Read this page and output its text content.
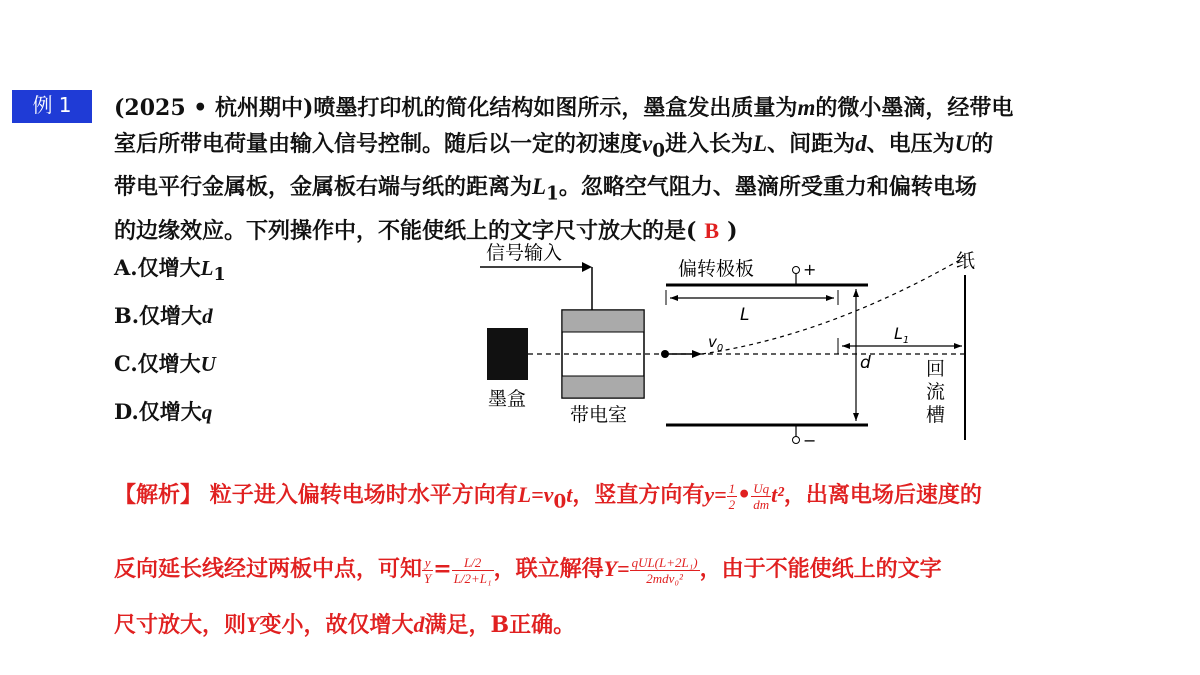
例 1	(2025 • 杭州期中)喷墨打印机的简化结构如图所示，墨盒发出质量为m的微小墨滴，经带电
室后所带电荷量由输入信号控制。随后以一定的初速度$v_0$进入长为L、间距为d、电压为U的
带电平行金属板，金属板右端与纸的距离为$L_1$。忽略空气阻力、墨滴所受重力和偏转电场
的边缘效应。下列操作中，不能使纸上的文字尺寸放大的是( B )
A.仅增大$L_1$
B.仅增大d
C.仅增大U
D.仅增大q
信号输入
墨盒
带电室
$v_0$
偏转极板	+
−
L
d
$L_1$
纸
回
流
槽
【解析】 粒子进入偏转电场时水平方向有$L=v_0t$，竖直方向有$y= \frac{1}{2}$ • $\frac{Uq}{dm} t^2$，出离电场后速度的
反向延长线经过两板中点，可知 $\frac{y}{Y} = \frac{L/2}{\text{L/2+L₁}}$ ，联立解得$Y= \frac{\text{qUL(L+2L₁)}}{\text{2mdv₀²}}$ ，由于不能使纸上的文字
尺寸放大，则Y变小，故仅增大d满足，B正确。
